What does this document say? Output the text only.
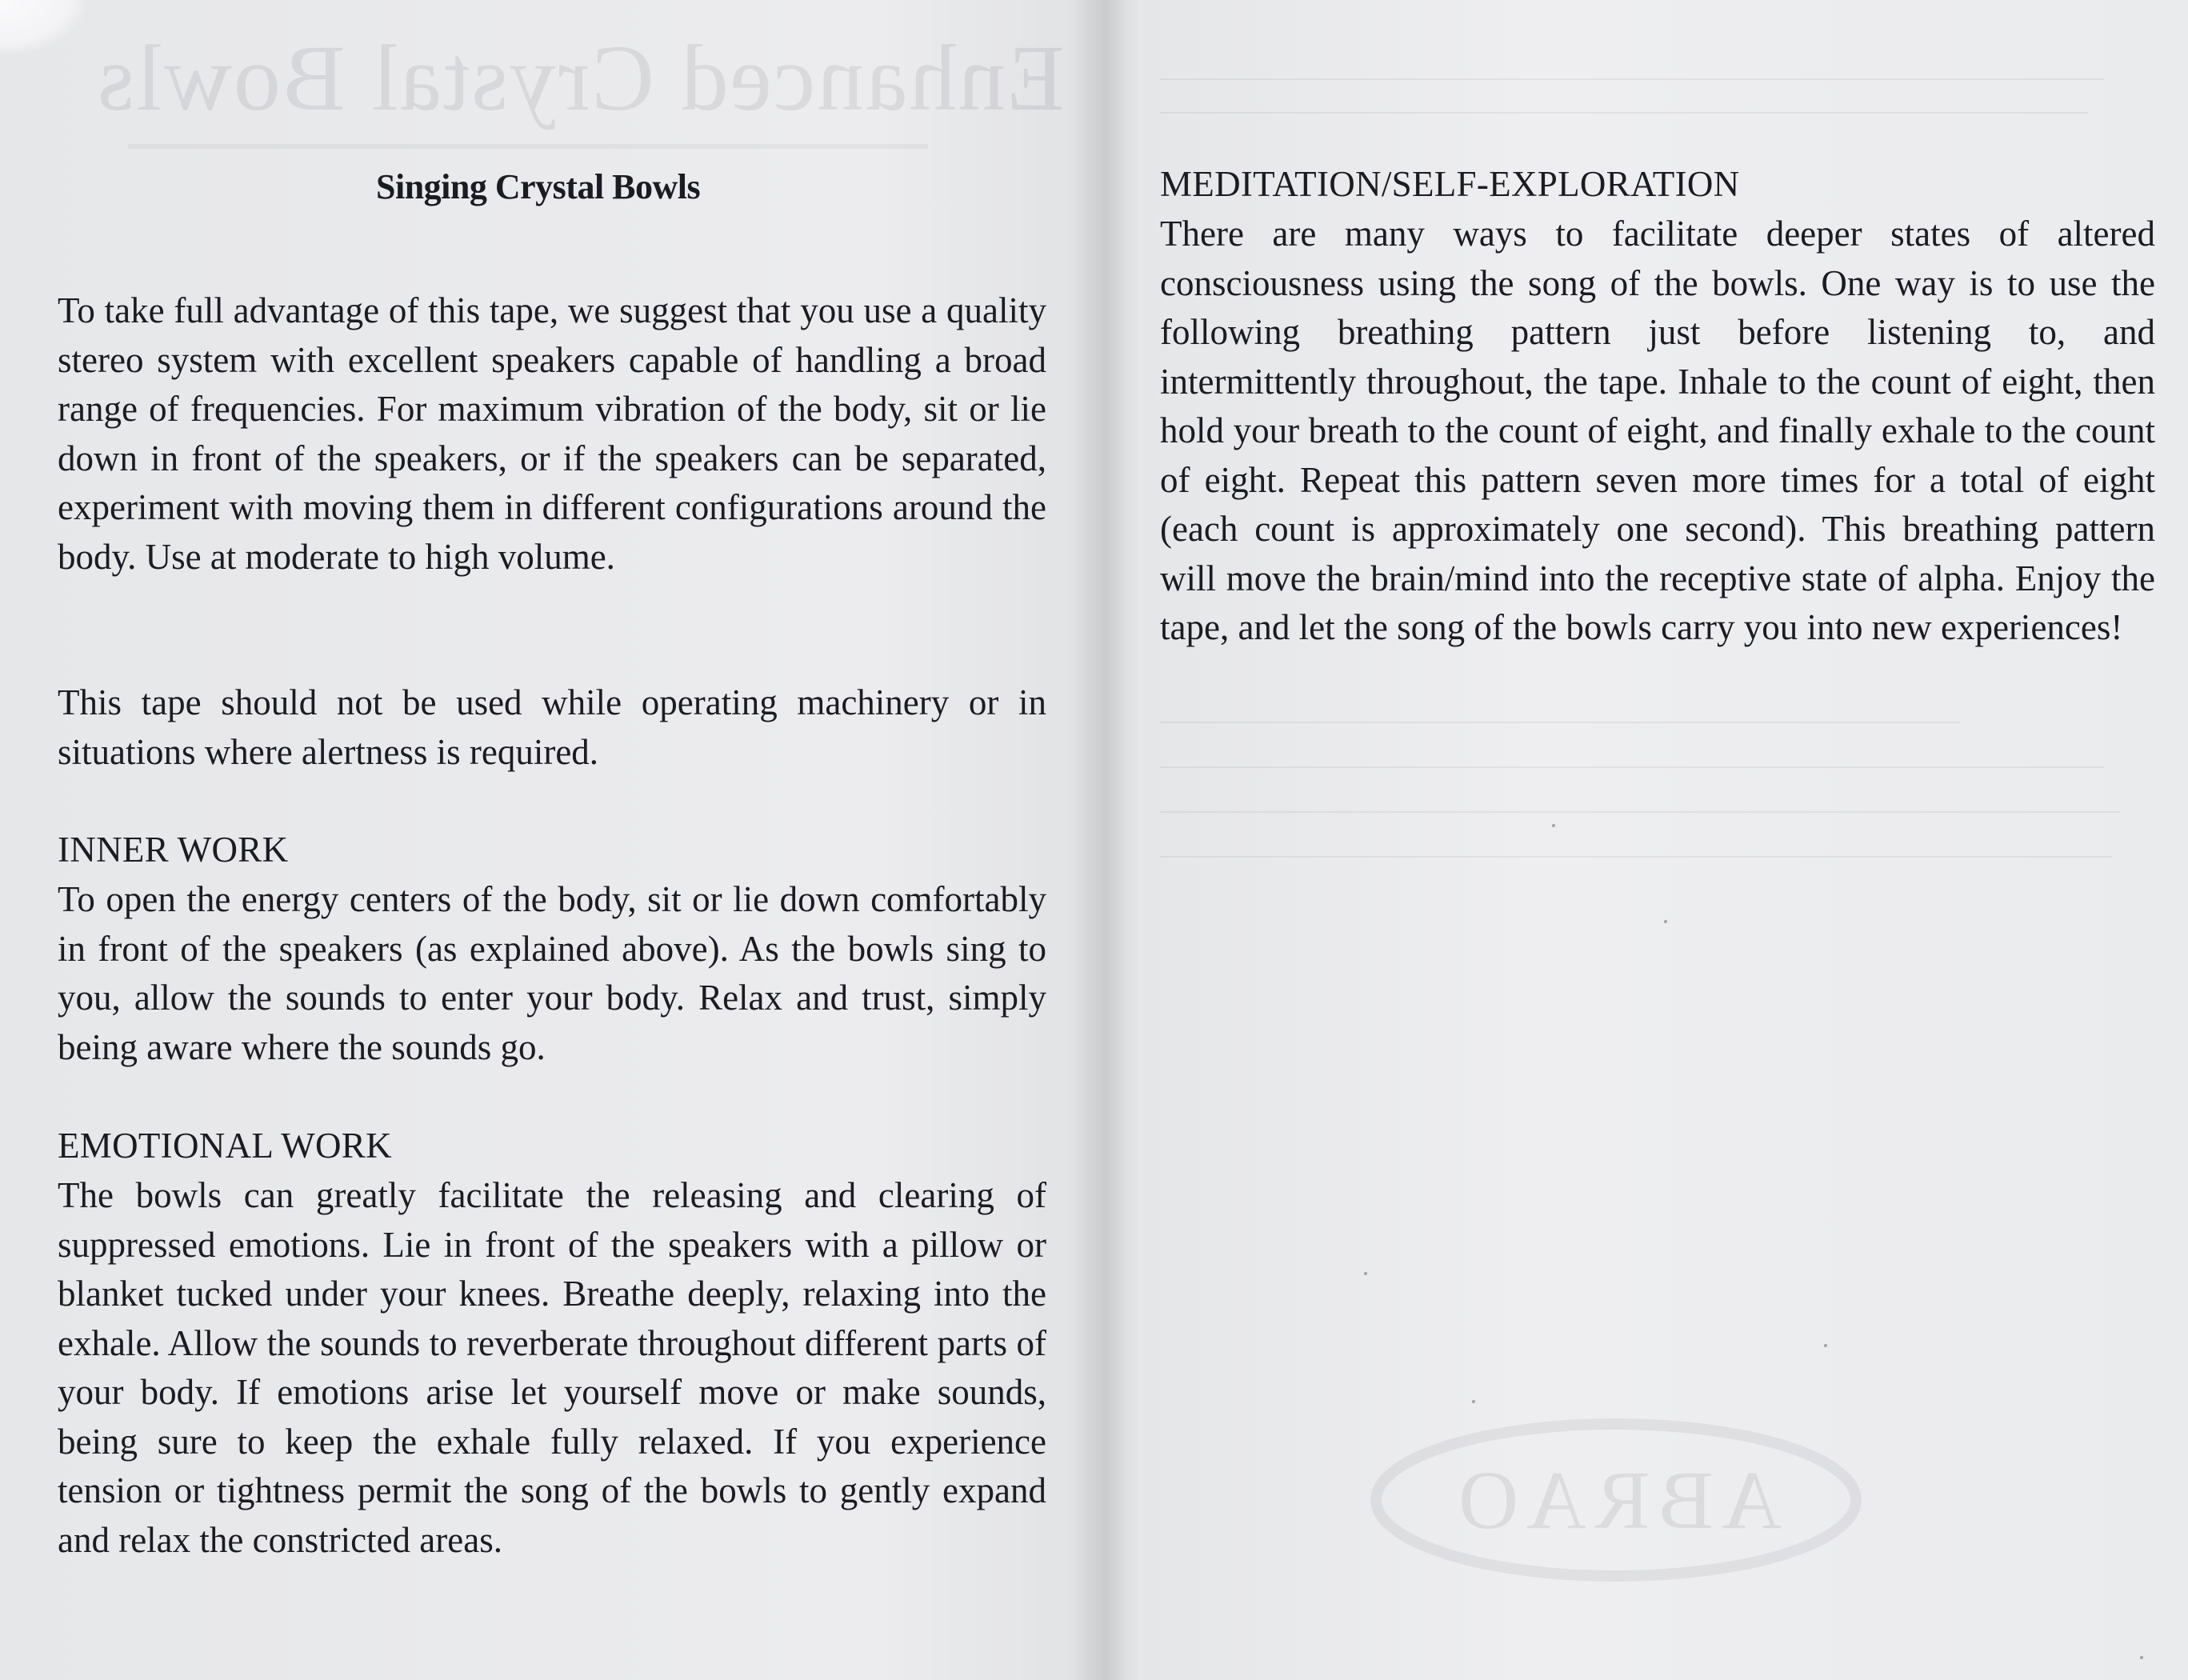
Enhanced Crystal Bowls
Singing Crystal Bowls

To take full advantage of this tape, we suggest that you use a quality stereo system with excellent speakers capable of handling a broad range of frequencies. For maximum vibration of the body, sit or lie down in front of the speakers, or if the speakers can be separated, experiment with moving them in different configurations around the body. Use at moderate to high volume.

This tape should not be used while operating machinery or in situations where alertness is required.

INNER WORK

To open the energy centers of the body, sit or lie down comfortably in front of the speakers (as explained above). As the bowls sing to you, allow the sounds to enter your body. Relax and trust, simply being aware where the sounds go.

EMOTIONAL WORK

The bowls can greatly facilitate the releasing and clearing of suppressed emotions. Lie in front of the speakers with a pillow or blanket tucked under your knees. Breathe deeply, relaxing into the exhale. Allow the sounds to reverberate throughout different parts of your body. If emotions arise let yourself move or make sounds, being sure to keep the exhale fully relaxed. If you experience tension or tightness permit the song of the bowls to gently expand and relax the constricted areas.

MEDITATION/SELF-EXPLORATION

There are many ways to facilitate deeper states of altered consciousness using the song of the bowls. One way is to use the following breathing pattern just before listening to, and intermittently throughout, the tape. Inhale to the count of eight, then hold your breath to the count of eight, and finally exhale to the count of eight. Repeat this pattern seven more times for a total of eight (each count is approximately one second). This breathing pattern will move the brain/mind into the receptive state of alpha. Enjoy the tape, and let the song of the bowls carry you into new experiences!

ABRAO
